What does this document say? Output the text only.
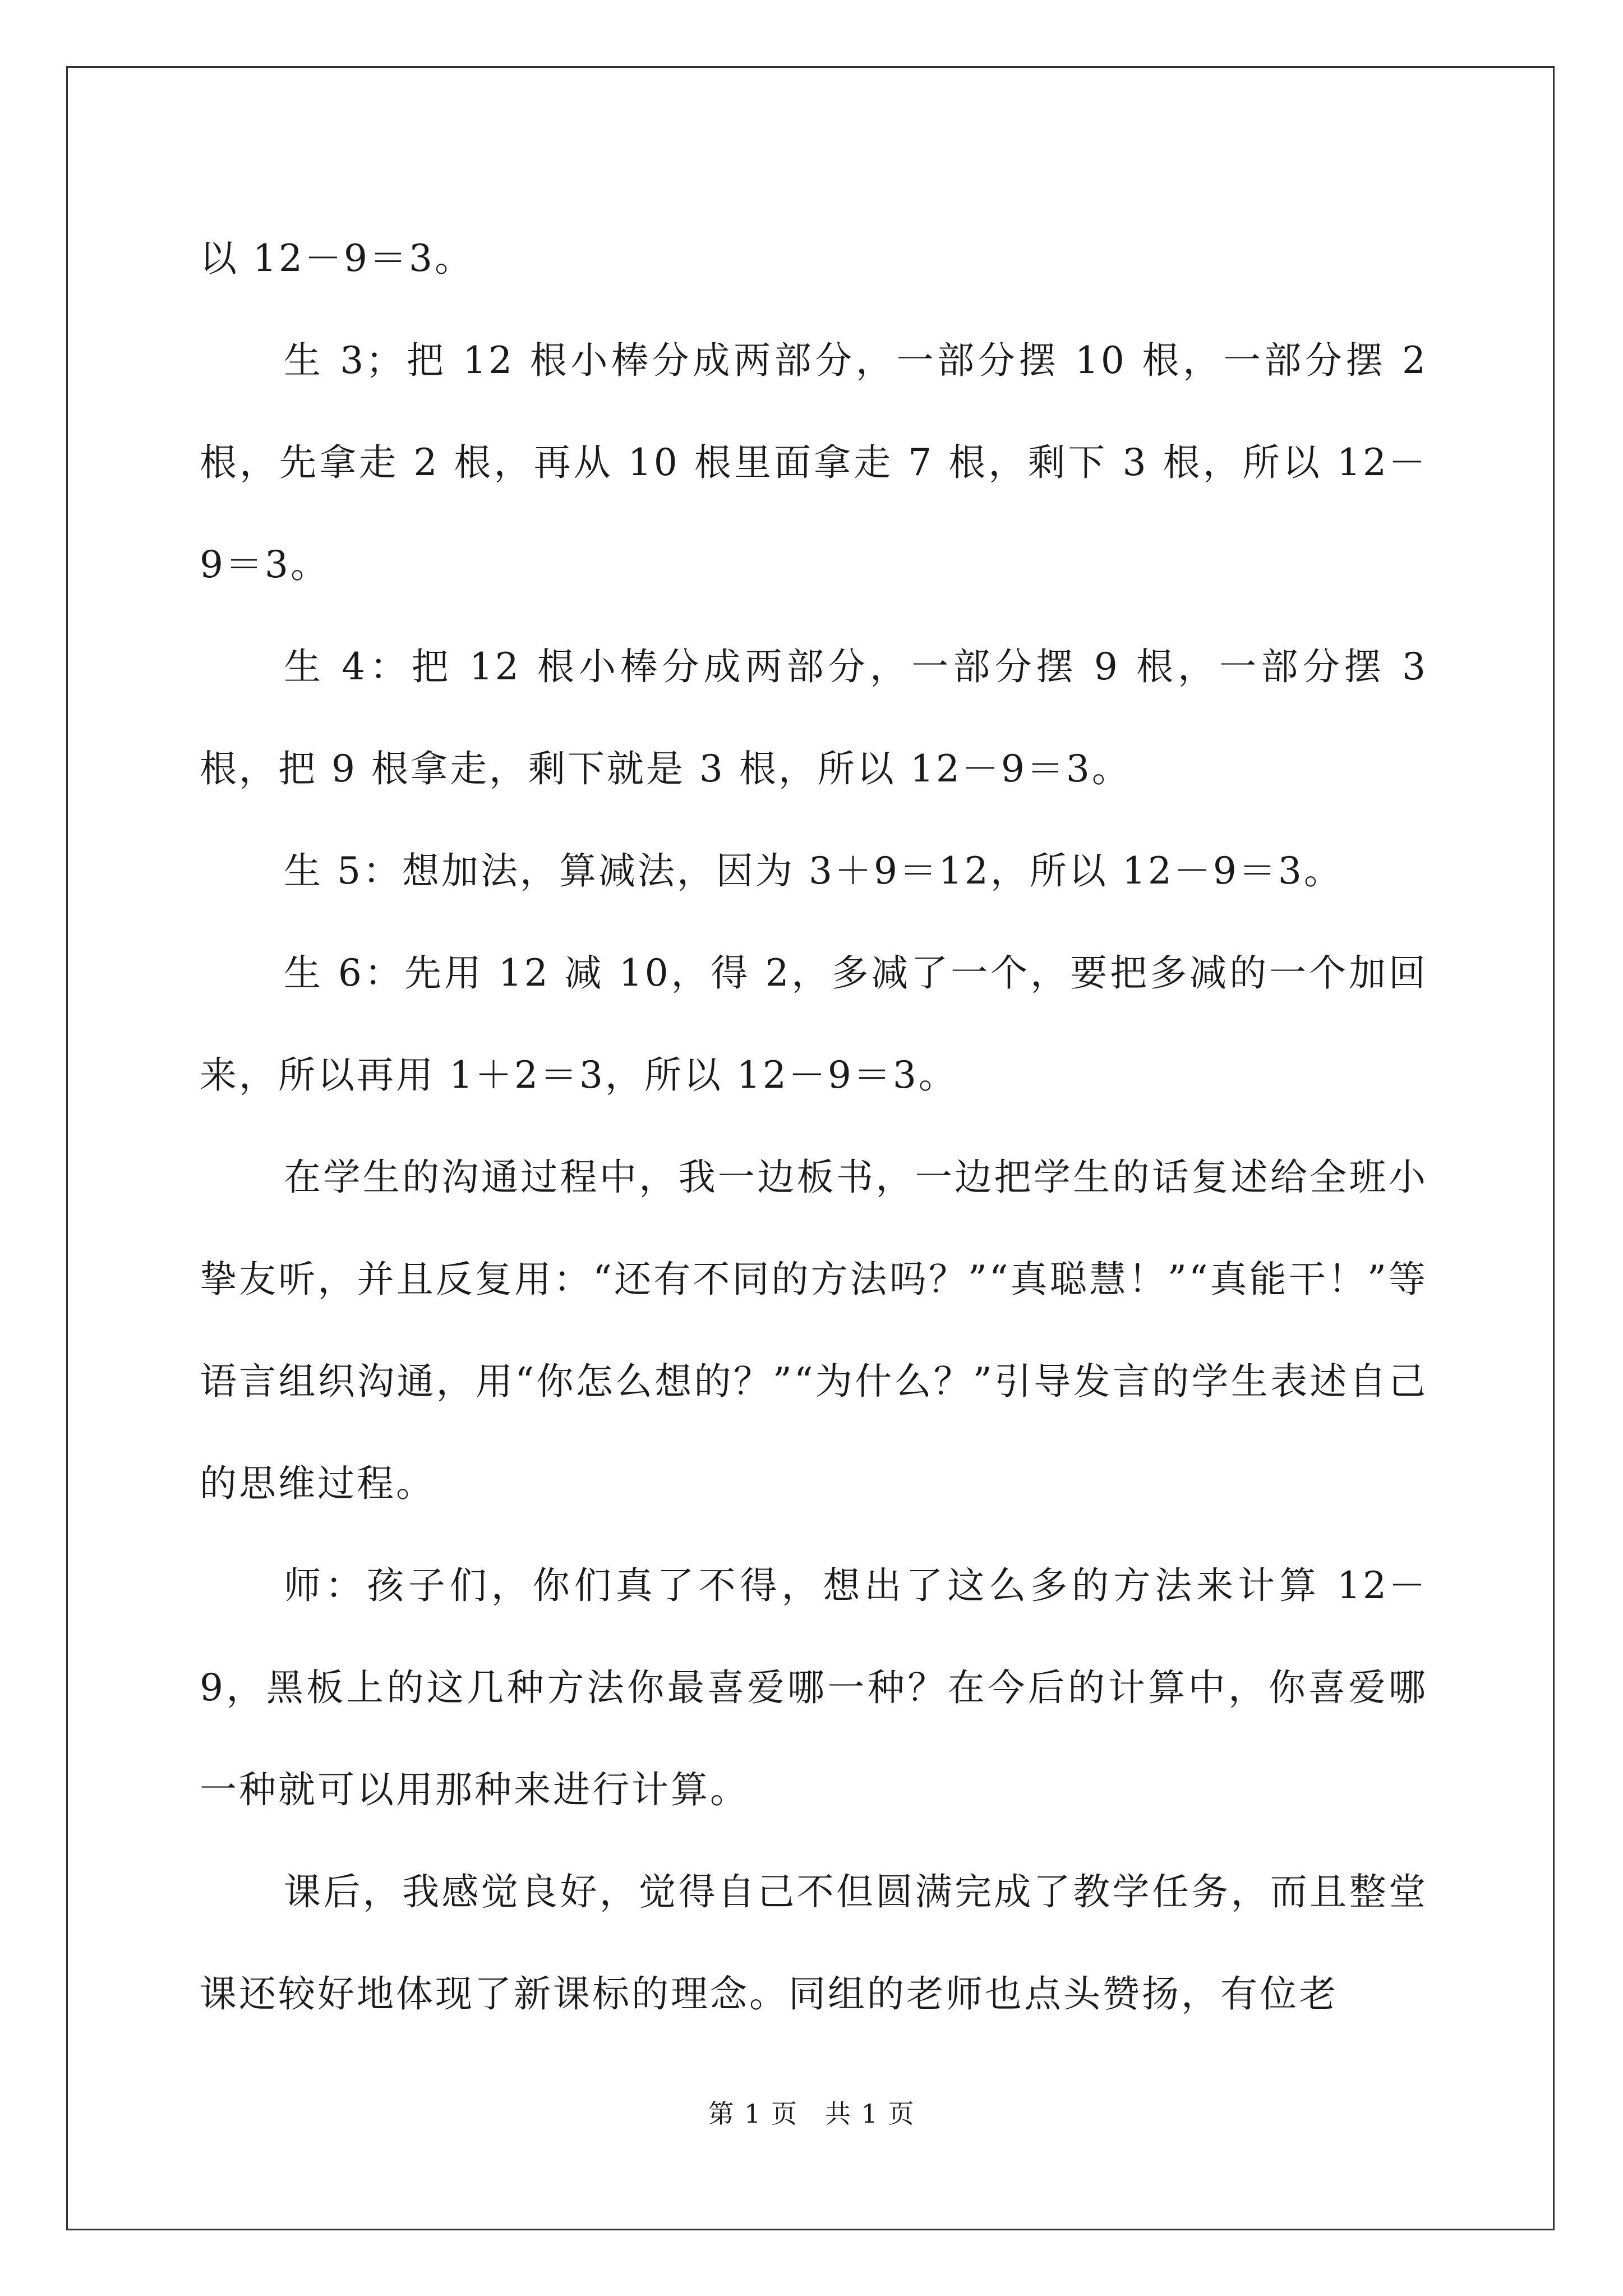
以 12－9＝3。

生 3；把 12 根小棒分成两部分，一部分摆 10 根，一部分摆 2 根，先拿走 2 根，再从 10 根里面拿走 7 根，剩下 3 根，所以 12－9＝3。

生 4：把 12 根小棒分成两部分，一部分摆 9 根，一部分摆 3 根，把 9 根拿走，剩下就是 3 根，所以 12－9＝3。

生 5：想加法，算减法，因为 3＋9＝12，所以 12－9＝3。

生 6：先用 12 减 10，得 2，多减了一个，要把多减的一个加回来，所以再用 1＋2＝3，所以 12－9＝3。

在学生的沟通过程中，我一边板书，一边把学生的话复述给全班小挚友听，并且反复用：“还有不同的方法吗？”“真聪慧！”“真能干！”等语言组织沟通，用“你怎么想的？”“为什么？”引导发言的学生表述自己的思维过程。

师：孩子们，你们真了不得，想出了这么多的方法来计算 12－9，黑板上的这几种方法你最喜爱哪一种？在今后的计算中，你喜爱哪一种就可以用那种来进行计算。

课后，我感觉良好，觉得自己不但圆满完成了教学任务，而且整堂课还较好地体现了新课标的理念。同组的老师也点头赞扬，有位老

第 1 页 共 1 页
